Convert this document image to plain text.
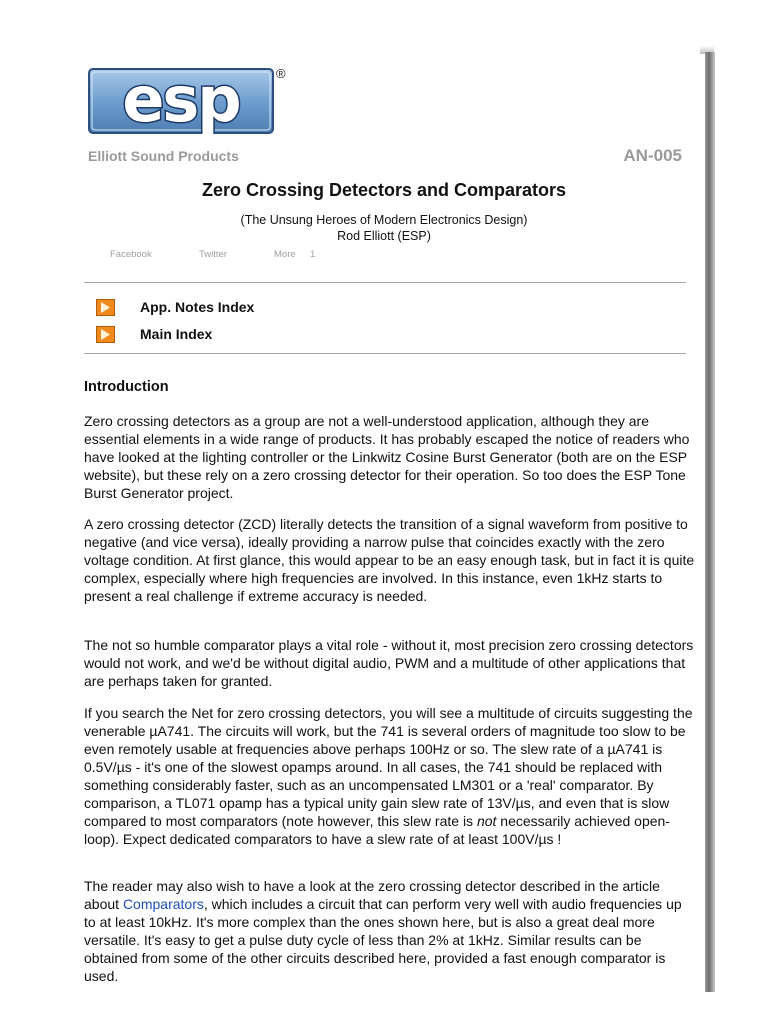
esp	®
Elliott Sound Products	AN-005
Zero Crossing Detectors and Comparators
(The Unsung Heroes of Modern Electronics Design)
Rod Elliott (ESP)
Facebook	Twitter	More 1
App. Notes Index
Main Index
Introduction

Zero crossing detectors as a group are not a well-understood application, although they are essential elements in a wide range of products. It has probably escaped the notice of readers who have looked at the lighting controller or the Linkwitz Cosine Burst Generator (both are on the ESP website), but these rely on a zero crossing detector for their operation. So too does the ESP Tone Burst Generator project.

A zero crossing detector (ZCD) literally detects the transition of a signal waveform from positive to negative (and vice versa), ideally providing a narrow pulse that coincides exactly with the zero voltage condition. At first glance, this would appear to be an easy enough task, but in fact it is quite complex, especially where high frequencies are involved. In this instance, even 1kHz starts to present a real challenge if extreme accuracy is needed.

The not so humble comparator plays a vital role - without it, most precision zero crossing detectors would not work, and we'd be without digital audio, PWM and a multitude of other applications that are perhaps taken for granted.

If you search the Net for zero crossing detectors, you will see a multitude of circuits suggesting the venerable µA741. The circuits will work, but the 741 is several orders of magnitude too slow to be even remotely usable at frequencies above perhaps 100Hz or so. The slew rate of a µA741 is 0.5V/µs - it's one of the slowest opamps around. In all cases, the 741 should be replaced with something considerably faster, such as an uncompensated LM301 or a 'real' comparator. By comparison, a TL071 opamp has a typical unity gain slew rate of 13V/µs, and even that is slow compared to most comparators (note however, this slew rate is not necessarily achieved open-loop). Expect dedicated comparators to have a slew rate of at least 100V/µs !

The reader may also wish to have a look at the zero crossing detector described in the article about Comparators, which includes a circuit that can perform very well with audio frequencies up to at least 10kHz. It's more complex than the ones shown here, but is also a great deal more versatile. It's easy to get a pulse duty cycle of less than 2% at 1kHz. Similar results can be obtained from some of the other circuits described here, provided a fast enough comparator is used.
